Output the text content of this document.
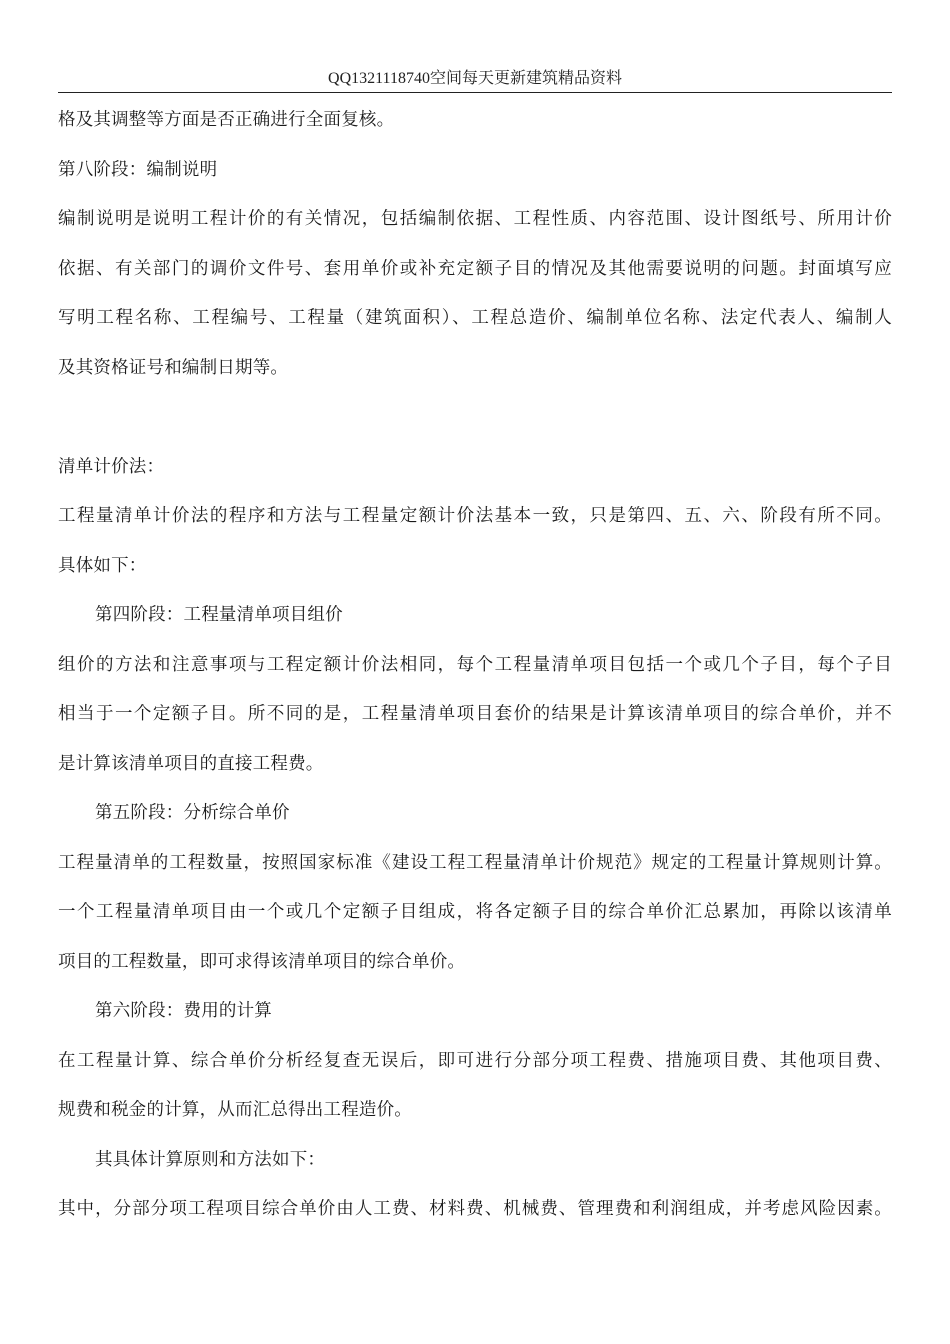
QQ1321118740空间每天更新建筑精品资料
格及其调整等方面是否正确进行全面复核。
第八阶段：编制说明
编制说明是说明工程计价的有关情况，包括编制依据、工程性质、内容范围、设计图纸号、所用计价
依据、有关部门的调价文件号、套用单价或补充定额子目的情况及其他需要说明的问题。封面填写应
写明工程名称、工程编号、工程量（建筑面积）、工程总造价、编制单位名称、法定代表人、编制人
及其资格证号和编制日期等。
清单计价法：
工程量清单计价法的程序和方法与工程量定额计价法基本一致，只是第四、五、六、阶段有所不同。
具体如下：
第四阶段：工程量清单项目组价
组价的方法和注意事项与工程定额计价法相同，每个工程量清单项目包括一个或几个子目，每个子目
相当于一个定额子目。所不同的是，工程量清单项目套价的结果是计算该清单项目的综合单价，并不
是计算该清单项目的直接工程费。
第五阶段：分析综合单价
工程量清单的工程数量，按照国家标准《建设工程工程量清单计价规范》规定的工程量计算规则计算。
一个工程量清单项目由一个或几个定额子目组成，将各定额子目的综合单价汇总累加，再除以该清单
项目的工程数量，即可求得该清单项目的综合单价。
第六阶段：费用的计算
在工程量计算、综合单价分析经复查无误后，即可进行分部分项工程费、措施项目费、其他项目费、
规费和税金的计算，从而汇总得出工程造价。
其具体计算原则和方法如下：
其中，分部分项工程项目综合单价由人工费、材料费、机械费、管理费和利润组成，并考虑风险因素。
